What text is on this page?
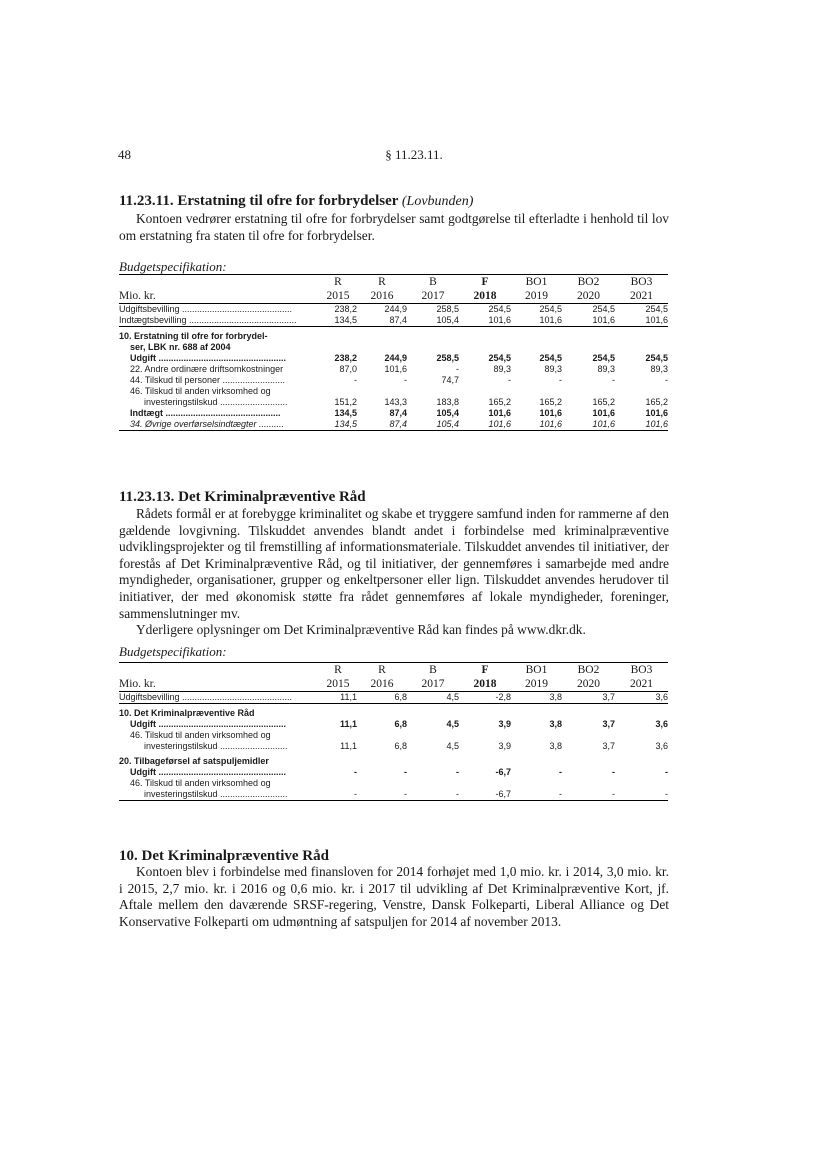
48	§ 11.23.11.
11.23.11. Erstatning til ofre for forbrydelser (Lovbunden)
Kontoen vedrører erstatning til ofre for forbrydelser samt godtgørelse til efterladte i henhold til lov om erstatning fra staten til ofre for forbrydelser.
Budgetspecifikation:
	R	R	B	F	BO1	BO2	BO3
Mio. kr.	2015	2016	2017	2018	2019	2020	2021
Udgiftsbevilling ............................................	238,2	244,9	258,5	254,5	254,5	254,5	254,5
Indtægtsbevilling ...........................................	134,5	87,4	105,4	101,6	101,6	101,6	101,6

10. Erstatning til ofre for forbrydel-							
ser, LBK nr. 688 af 2004							
Udgift ...................................................	238,2	244,9	258,5	254,5	254,5	254,5	254,5
22. Andre ordinære driftsomkostninger	87,0	101,6	-	89,3	89,3	89,3	89,3
44. Tilskud til personer .........................	-	-	74,7	-	-	-	-
46. Tilskud til anden virksomhed og							
investeringstilskud ...........................	151,2	143,3	183,8	165,2	165,2	165,2	165,2
Indtægt ..............................................	134,5	87,4	105,4	101,6	101,6	101,6	101,6
34. Øvrige overførselsindtægter ..........	134,5	87,4	105,4	101,6	101,6	101,6	101,6
11.23.13. Det Kriminalpræventive Råd
Rådets formål er at forebygge kriminalitet og skabe et tryggere samfund inden for rammerne af den gældende lovgivning. Tilskuddet anvendes blandt andet i forbindelse med kriminalpræventive udviklingsprojekter og til fremstilling af informationsmateriale. Tilskuddet anvendes til initiativer, der forestås af Det Kriminalpræventive Råd, og til initiativer, der gennemføres i samarbejde med andre myndigheder, organisationer, grupper og enkeltpersoner eller lign. Tilskuddet anvendes herudover til initiativer, der med økonomisk støtte fra rådet gennemføres af lokale myndigheder, foreninger, sammenslutninger mv.
Yderligere oplysninger om Det Kriminalpræventive Råd kan findes på www.dkr.dk.
Budgetspecifikation:
	R	R	B	F	BO1	BO2	BO3
Mio. kr.	2015	2016	2017	2018	2019	2020	2021
Udgiftsbevilling ............................................	11,1	6,8	4,5	-2,8	3,8	3,7	3,6

10. Det Kriminalpræventive Råd							
Udgift ...................................................	11,1	6,8	4,5	3,9	3,8	3,7	3,6
46. Tilskud til anden virksomhed og							
investeringstilskud ...........................	11,1	6,8	4,5	3,9	3,8	3,7	3,6

20. Tilbageførsel af satspuljemidler							
Udgift ...................................................	-	-	-	-6,7	-	-	-
46. Tilskud til anden virksomhed og							
investeringstilskud ...........................	-	-	-	-6,7	-	-	-
10. Det Kriminalpræventive Råd
Kontoen blev i forbindelse med finansloven for 2014 forhøjet med 1,0 mio. kr. i 2014, 3,0 mio. kr. i 2015, 2,7 mio. kr. i 2016 og 0,6 mio. kr. i 2017 til udvikling af Det Kriminalpræventive Kort, jf. Aftale mellem den daværende SRSF-regering, Venstre, Dansk Folkeparti, Liberal Alliance og Det Konservative Folkeparti om udmøntning af satspuljen for 2014 af november 2013.
